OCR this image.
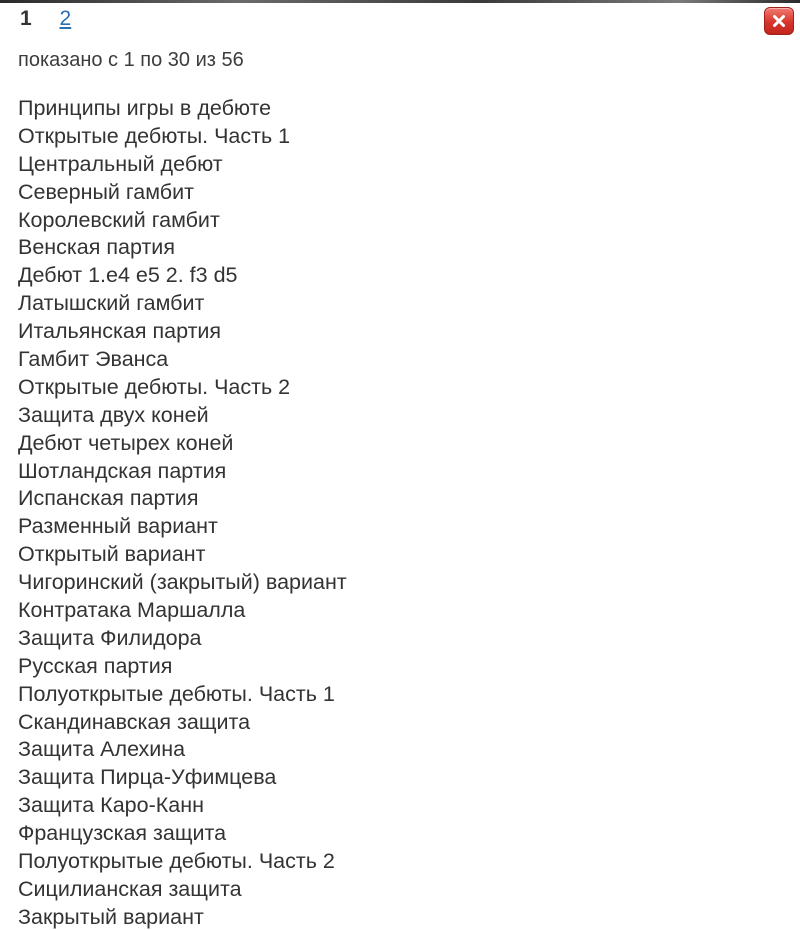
1 2
показано с 1 по 30 из 56
Принципы игры в дебюте
Открытые дебюты. Часть 1
Центральный дебют
Северный гамбит
Королевский гамбит
Венская партия
Дебют 1.e4 e5 2. f3 d5
Латышский гамбит
Итальянская партия
Гамбит Эванса
Открытые дебюты. Часть 2
Защита двух коней
Дебют четырех коней
Шотландская партия
Испанская партия
Разменный вариант
Открытый вариант
Чигоринский (закрытый) вариант
Контратака Маршалла
Защита Филидора
Русская партия
Полуоткрытые дебюты. Часть 1
Скандинавская защита
Защита Алехина
Защита Пирца-Уфимцева
Защита Каро-Канн
Французская защита
Полуоткрытые дебюты. Часть 2
Сицилианская защита
Закрытый вариант
